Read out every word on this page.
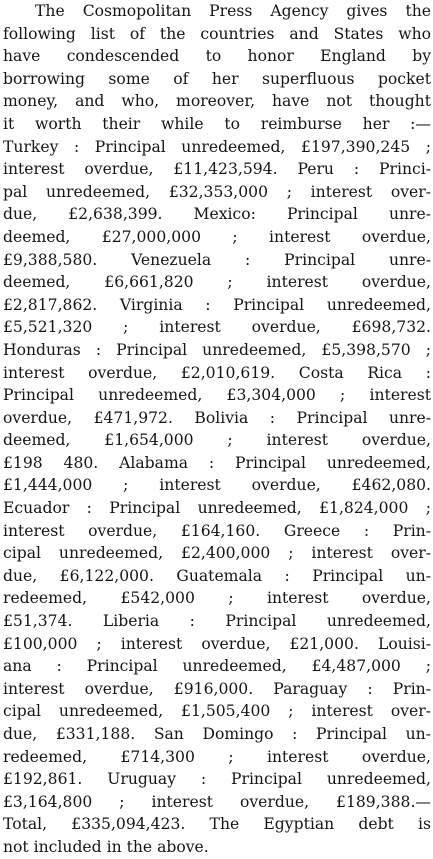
The Cosmopolitan Press Agency gives the
following list of the countries and States who
have condescended to honor England by
borrowing some of her superfluous pocket
money, and who, moreover, have not thought
it worth their while to reimburse her :—
Turkey : Principal unredeemed, £197,390,245 ;
interest overdue, £11,423,594. Peru : Princi-
pal unredeemed, £32,353,000 ; interest over-
due, £2,638,399. Mexico: Principal unre-
deemed, £27,000,000 ; interest overdue,
£9,388,580. Venezuela : Principal unre-
deemed, £6,661,820 ; interest overdue,
£2,817,862. Virginia : Principal unredeemed,
£5,521,320 ; interest overdue, £698,732.
Honduras : Principal unredeemed, £5,398,570 ;
interest overdue, £2,010,619. Costa Rica :
Principal unredeemed, £3,304,000 ; interest
overdue, £471,972. Bolivia : Principal unre-
deemed, £1,654,000 ; interest overdue,
£198 480. Alabama : Principal unredeemed,
£1,444,000 ; interest overdue, £462,080.
Ecuador : Principal unredeemed, £1,824,000 ;
interest overdue, £164,160. Greece : Prin-
cipal unredeemed, £2,400,000 ; interest over-
due, £6,122,000. Guatemala : Principal un-
redeemed, £542,000 ; interest overdue,
£51,374. Liberia : Principal unredeemed,
£100,000 ; interest overdue, £21,000. Louisi-
ana : Principal unredeemed, £4,487,000 ;
interest overdue, £916,000. Paraguay : Prin-
cipal unredeemed, £1,505,400 ; interest over-
due, £331,188. San Domingo : Principal un-
redeemed, £714,300 ; interest overdue,
£192,861. Uruguay : Principal unredeemed,
£3,164,800 ; interest overdue, £189,388.—
Total, £335,094,423. The Egyptian debt is
not included in the above.
